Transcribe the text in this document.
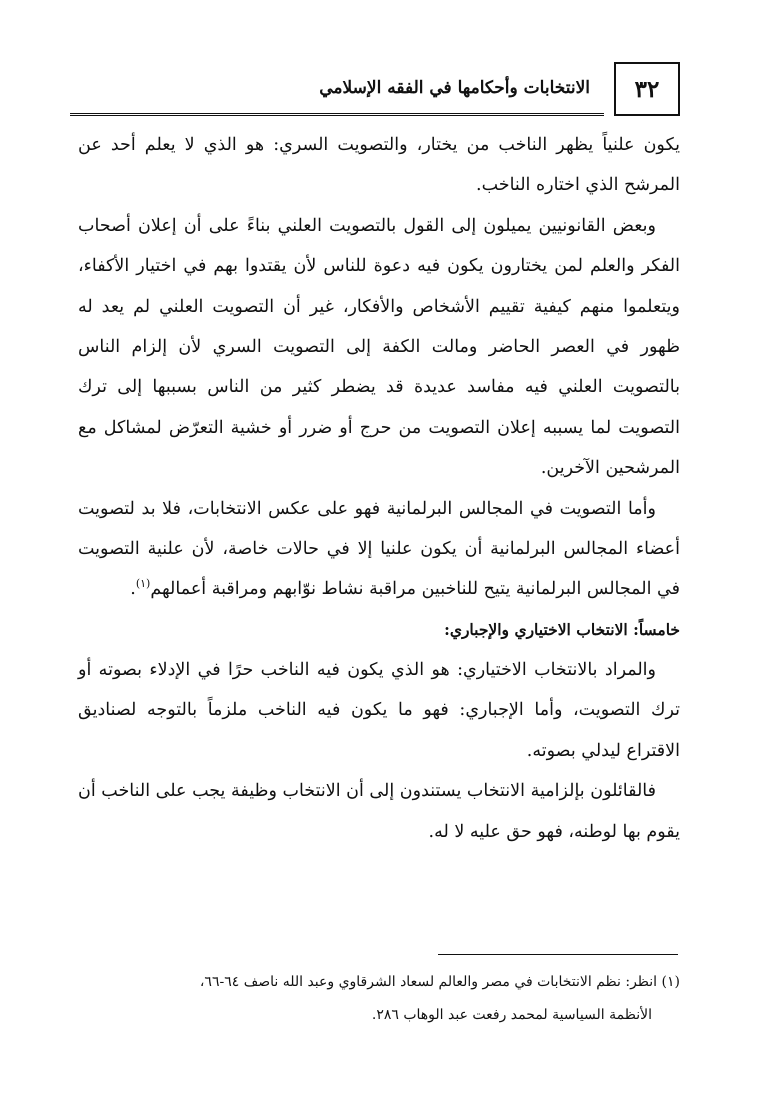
الانتخابات وأحكامها في الفقه الإسلامي	٣٢

يكون علنياً يظهر الناخب من يختار، والتصويت السري: هو الذي لا يعلم أحد عن المرشح الذي اختاره الناخب.

وبعض القانونيين يميلون إلى القول بالتصويت العلني بناءً على أن إعلان أصحاب الفكر والعلم لمن يختارون يكون فيه دعوة للناس لأن يقتدوا بهم في اختيار الأكفاء، ويتعلموا منهم كيفية تقييم الأشخاص والأفكار، غير أن التصويت العلني لم يعد له ظهور في العصر الحاضر ومالت الكفة إلى التصويت السري لأن إلزام الناس بالتصويت العلني فيه مفاسد عديدة قد يضطر كثير من الناس بسببها إلى ترك التصويت لما يسببه إعلان التصويت من حرج أو ضرر أو خشية التعرّض لمشاكل مع المرشحين الآخرين.

وأما التصويت في المجالس البرلمانية فهو على عكس الانتخابات، فلا بد لتصويت أعضاء المجالس البرلمانية أن يكون علنيا إلا في حالات خاصة، لأن علنية التصويت في المجالس البرلمانية يتيح للناخبين مراقبة نشاط نوّابهم ومراقبة أعمالهم$^{(١)}$.

خامساً: الانتخاب الاختياري والإجباري:

والمراد بالانتخاب الاختياري: هو الذي يكون فيه الناخب حرًا في الإدلاء بصوته أو ترك التصويت، وأما الإجباري: فهو ما يكون فيه الناخب ملزماً بالتوجه لصناديق الاقتراع ليدلي بصوته.

فالقائلون بإلزامية الانتخاب يستندون إلى أن الانتخاب وظيفة يجب على الناخب أن يقوم بها لوطنه، فهو حق عليه لا له.

(١) انظر: نظم الانتخابات في مصر والعالم لسعاد الشرقاوي وعبد الله ناصف ٦٤-٦٦،
الأنظمة السياسية لمحمد رفعت عبد الوهاب ٢٨٦.
